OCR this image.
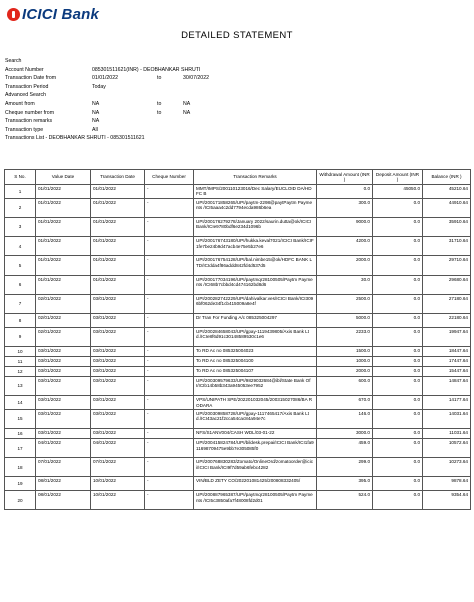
ICICI Bank
DETAILED STATEMENT
Search
Account Number	085301511621(INR) - DEOBHANKAR SHRUTI
Transaction Date from	01/01/2022	to	30/07/2022
Transaction Period	Today
Advanced Search
Amount from	NA	to	NA
Cheque number from	NA	to	NA
Transaction remarks	NA
Transaction type	All
Transactions List - DEOBHANKAR SHRUTI - 085301511621
S No.	Value Date	Transaction Date	Cheque Number	Transaction Remarks	Withdrawal Amount (INR )	Deposit Amount (INR )	Balance (INR )
1	01/01/2022	01/01/2022	-	MMT/IMPS/200110123016/Dec Salary/EUCLOID DA/HDFC B	0.0	45050.0	45210.64
2	01/01/2022	01/01/2022	-	UPI/200171858265/UPI/paytm-2298@paytPaytm Payments /ICI5aaa4c2dd7794ecda986b6ea	300.0	0.0	44910.64
3	01/01/2022	01/01/2022	-	UPI/200176279278/January 2022/saurin.dutta@ok/ICICI Bank/ICIe9780bdf6e234d1096b	9000.0	0.0	35910.64
4	01/01/2022	01/01/2022	-	UPI/200176743180/UPI/hukka.keval7021/ICICI Bank/ICIF1fe7be24b9d47acb4e75e5b27e6	4200.0	0.0	31710.64
5	01/01/2022	01/01/2022	-	UPI/200176754128/UPI/bal.nimbe15@ok/HDFC BANK LTD/ICIdda4f86addd842fd4d537d5	2000.0	0.0	29710.64
6	01/01/2022	01/01/2022	-	UPI/200177034196/UPI/paytmqr28100505/Paytm Payments /ICI68b7cbbd4cd474162bd8d6	30.0	0.0	29680.64
7	02/01/2022	03/01/2022	-	UPI/200282742229/UPI/dahivalkar.ves/ICICI Bank/ICI3096bf062de34f1cb415009a8e4f	2500.0	0.0	27180.64
8	02/01/2022	03/01/2022	-	Dr Tran For Funding A/c 085325004297	5000.0	0.0	22180.64
9	02/01/2022	03/01/2022	-	UPI/200284658043/UPI/gpay-1119439805/Axis Bank Ltd./ICIe8f6d91c30148589530c1e6	2233.0	0.0	19947.64
10	03/01/2022	03/01/2022	-	To RD Ac no 085325004023	1500.0	0.0	18447.64
11	03/01/2022	03/01/2022	-	To RD Ac no 085325004100	1000.0	0.0	17447.64
12	03/01/2022	03/01/2022	-	To RD Ac no 085325004107	2000.0	0.0	15447.64
13	03/01/2022	03/01/2022	-	UPI/200309579633/UPI/9829032684@ibl/State Bank Of I/ICIb14b58b343a945053ee7952	600.0	0.0	14847.64
14	03/01/2022	03/01/2022	-	VPS/UNIPATH SPE/202201032045/200315027086/BA RODARA	670.0	0.0	14177.64
15	03/01/2022	03/01/2022	-	UPI/200309858728/UPI/gpay-1117465417/Axis Bank Ltd./ICI43ac21f2cca54cac84a94e7c	146.0	0.0	14031.64
16	03/01/2022	03/01/2022	-	NFS/S1ANV004/CASH WDL/03-01-22	3000.0	0.0	11031.64
17	04/01/2022	04/01/2022	-	UPI/200415824784/UPI/bildesk.prepai/ICICI Bank/ICI1fa911698709475e9bb7e305085f0	459.0	0.0	10572.64
18	07/01/2022	07/01/2022	-	UPI/200768830283/Zomato/OnlineOrd/zomatoorder@icici/ICICI Bank/ICI9f7d59ab6febc4282	299.0	0.0	10273.64
19	08/01/2022	10/01/2022	-	VIN/BLD ZETY CO/202201081425/200808332405/	395.0	0.0	9878.64
20	08/01/2022	10/01/2022	-	UPI/200887965387/UPI/paytmqr28100505/Paytm Payments /ICI5c3850afa7f48008fd2d01	524.0	0.0	9354.64
